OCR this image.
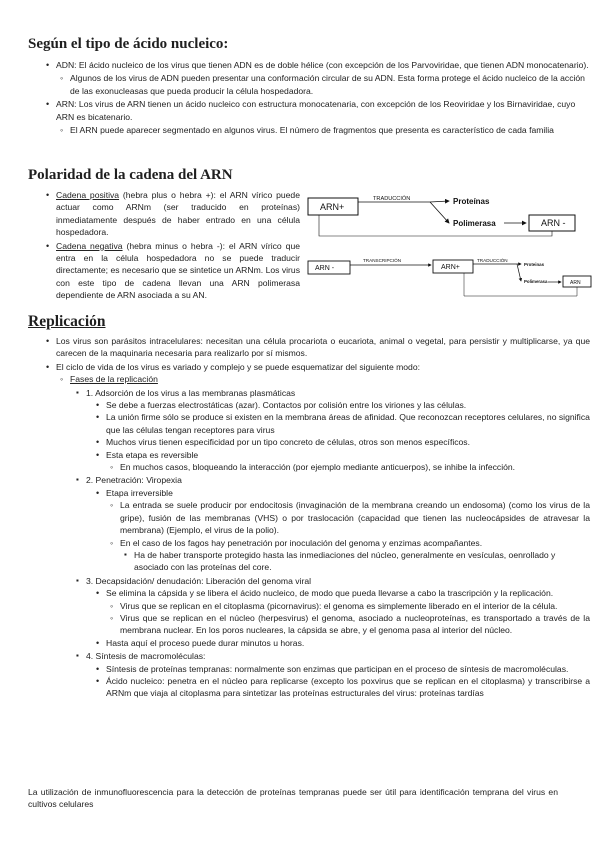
Según el tipo de ácido nucleico:
• ADN: El ácido nucleico de los virus que tienen ADN es de doble hélice (con excepción de los Parvoviridae, que tienen ADN monocatenario).
◦ Algunos de los virus de ADN pueden presentar una conformación circular de su ADN. Esta forma protege el ácido nucleico de la acción de las exonucleasas que pueda producir la célula hospedadora.
• ARN: Los virus de ARN tienen un ácido nucleico con estructura monocatenaria, con excepción de los Reoviridae y los Birnaviridae, cuyo ARN es bicatenario.
◦ El ARN puede aparecer segmentado en algunos virus. El número de fragmentos que presenta es característico de cada familia
Polaridad de la cadena del ARN
• Cadena positiva (hebra plus o hebra +): el ARN vírico puede actuar como ARNm (ser traducido en proteínas) inmediatamente después de haber entrado en una célula hospedadora.
• Cadena negativa (hebra minus o hebra -): el ARN vírico que entra en la célula hospedadora no se puede traducir directamente; es necesario que se sintetice un ARNm. Los virus con este tipo de cadena llevan una ARN polimerasa dependiente de ARN asociada a su AN.
ARN+
TRADUCCIÓN	Proteínas
Polimerasa	ARN -
ARN -
TRANSCRIPCIÓN
ARN+
TRADUCCIÓN
Proteinas
Polimerasa	ARN
Replicación
• Los virus son parásitos intracelulares: necesitan una célula procariota o eucariota, animal o vegetal, para persistir y multiplicarse, ya que carecen de la maquinaria necesaria para realizarlo por sí mismos.
• El ciclo de vida de los virus es variado y complejo y se puede esquematizar del siguiente modo:
◦ Fases de la replicación
▪ 1. Adsorción de los virus a las membranas plasmáticas
• Se debe a fuerzas electrostáticas (azar). Contactos por colisión entre los viriones y las células.
• La unión firme sólo se produce si existen en la membrana áreas de afinidad. Que reconozcan receptores celulares, no significa que las células tengan receptores para virus
• Muchos virus tienen especificidad por un tipo concreto de células, otros son menos específicos.
• Esta etapa es reversible
◦ En muchos casos, bloqueando la interacción (por ejemplo mediante anticuerpos), se inhibe la infección.
▪ 2. Penetración: Viropexia
• Etapa irreversible
◦ La entrada se suele producir por endocitosis (invaginación de la membrana creando un endosoma) (como los virus de la gripe), fusión de las membranas (VHS) o por traslocación (capacidad que tienen las nucleocápsides de atravesar la membrana) (Ejemplo, el virus de la polio).
◦ En el caso de los fagos hay penetración por inoculación del genoma y enzimas acompañantes.
▪ Ha de haber transporte protegido hasta las inmediaciones del núcleo, generalmente en vesículas, oenrollado y asociado con las proteínas del core.
▪ 3. Decapsidación/ denudación: Liberación del genoma viral
• Se elimina la cápsida y se libera el ácido nucleico, de modo que pueda llevarse a cabo la trascripción y la replicación.
◦ Virus que se replican en el citoplasma (picornavirus): el genoma es simplemente liberado en el interior de la célula.
◦ Virus que se replican en el núcleo (herpesvirus) el genoma, asociado a nucleoproteínas, es transportado a través de la membrana nuclear. En los poros nucleares, la cápsida se abre, y el genoma pasa al interior del núcleo.
• Hasta aquí el proceso puede durar minutos u horas.
▪ 4. Síntesis de macromoléculas:
• Síntesis de proteínas tempranas: normalmente son enzimas que participan en el proceso de síntesis de macromoléculas.
• Ácido nucleico: penetra en el núcleo para replicarse (excepto los poxvirus que se replican en el citoplasma) y transcribirse a ARNm que viaja al citoplasma para sintetizar las proteínas estructurales del virus: proteínas tardías

La utilización de inmunofluorescencia para la detección de proteínas tempranas puede ser útil para identificación temprana del virus en cultivos celulares
